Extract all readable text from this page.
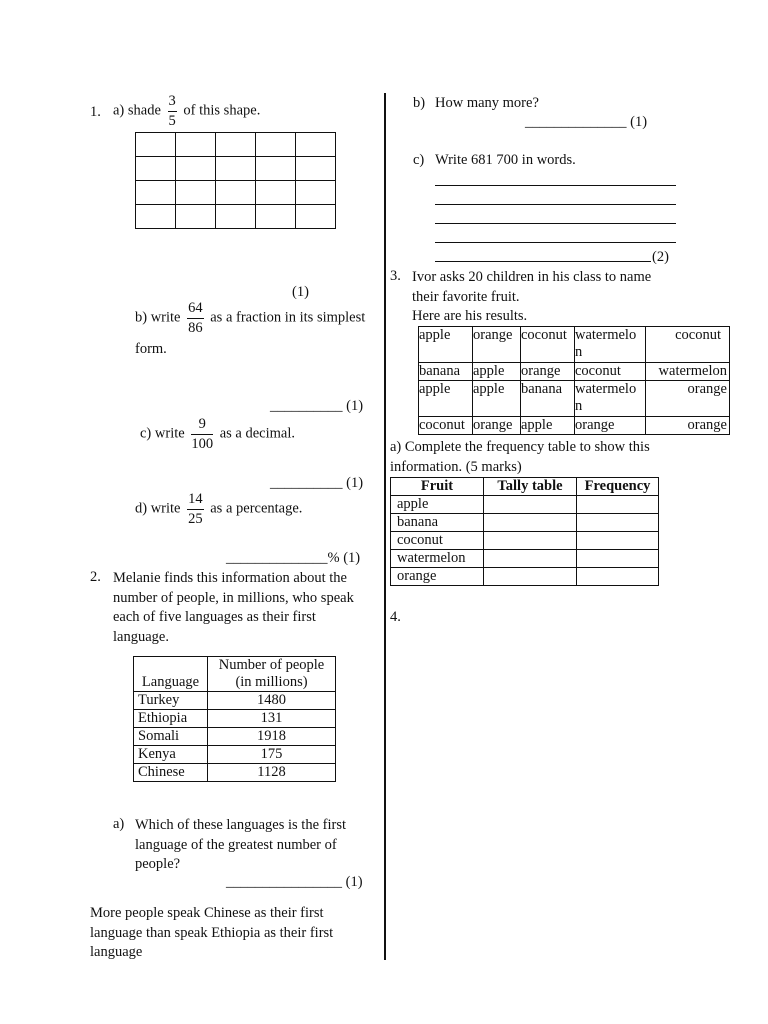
1. a) shade $\frac{3}{5}$ of this shape.

(1)
b) write $\frac{64}{86}$ as a fraction in its simplest
form.
__________ (1)
c) write $\frac{9}{100}$ as a decimal.
__________ (1)
d) write $\frac{14}{25}$ as a percentage.
______________% (1)
2. Melanie finds this information about the
number of people, in millions, who speak
each of five languages as their first
language.
Language	Number of people (in millions)
Turkey	1480
Ethiopia	131
Somali	1918
Kenya	175
Chinese	1128
a) Which of these languages is the first
language of the greatest number of
people?
________________ (1)
More people speak Chinese as their first
language than speak Ethiopia as their first
language
b) How many more?
______________ (1)
c) Write 681 700 in words.
(2)
3. Ivor asks 20 children in his class to name
their favorite fruit.
Here are his results.
apple	orange	coconut	watermelo n	coconut
banana	apple	orange	coconut	watermelon
apple	apple	banana	watermelo n	orange
coconut	orange	apple	orange	orange
a) Complete the frequency table to show this
information. (5 marks)
Fruit	Tally table	Frequency
apple		
banana		
coconut		
watermelon		
orange		
4.
